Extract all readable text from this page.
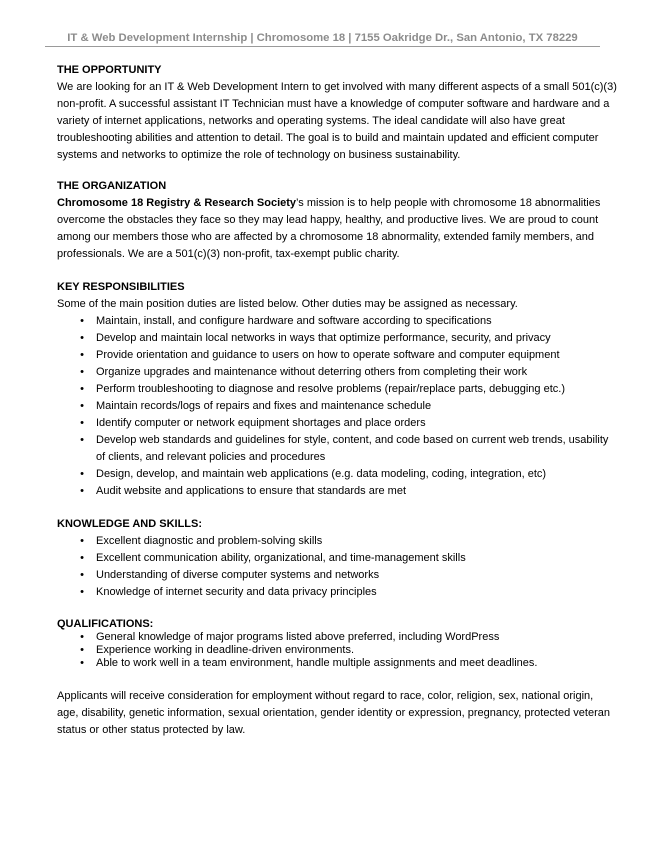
IT & Web Development Internship | Chromosome 18 | 7155 Oakridge Dr., San Antonio, TX 78229
THE OPPORTUNITY

We are looking for an IT & Web Development Intern to get involved with many different aspects of a small 501(c)(3) non-profit. A successful assistant IT Technician must have a knowledge of computer software and hardware and a variety of internet applications, networks and operating systems. The ideal candidate will also have great troubleshooting abilities and attention to detail. The goal is to build and maintain updated and efficient computer systems and networks to optimize the role of technology on business sustainability.

THE ORGANIZATION

Chromosome 18 Registry & Research Society’s mission is to help people with chromosome 18 abnormalities overcome the obstacles they face so they may lead happy, healthy, and productive lives. We are proud to count among our members those who are affected by a chromosome 18 abnormality, extended family members, and professionals. We are a 501(c)(3) non-profit, tax-exempt public charity.

KEY RESPONSIBILITIES

Some of the main position duties are listed below. Other duties may be assigned as necessary.

• Maintain, install, and configure hardware and software according to specifications
• Develop and maintain local networks in ways that optimize performance, security, and privacy
• Provide orientation and guidance to users on how to operate software and computer equipment
• Organize upgrades and maintenance without deterring others from completing their work
• Perform troubleshooting to diagnose and resolve problems (repair/replace parts, debugging etc.)
• Maintain records/logs of repairs and fixes and maintenance schedule
• Identify computer or network equipment shortages and place orders
• Develop web standards and guidelines for style, content, and code based on current web trends, usability of clients, and relevant policies and procedures
• Design, develop, and maintain web applications (e.g. data modeling, coding, integration, etc)
• Audit website and applications to ensure that standards are met
KNOWLEDGE AND SKILLS:
• Excellent diagnostic and problem-solving skills
• Excellent communication ability, organizational, and time-management skills
• Understanding of diverse computer systems and networks
• Knowledge of internet security and data privacy principles
QUALIFICATIONS:
• General knowledge of major programs listed above preferred, including WordPress
• Experience working in deadline-driven environments.
• Able to work well in a team environment, handle multiple assignments and meet deadlines.

Applicants will receive consideration for employment without regard to race, color, religion, sex, national origin, age, disability, genetic information, sexual orientation, gender identity or expression, pregnancy, protected veteran status or other status protected by law.
